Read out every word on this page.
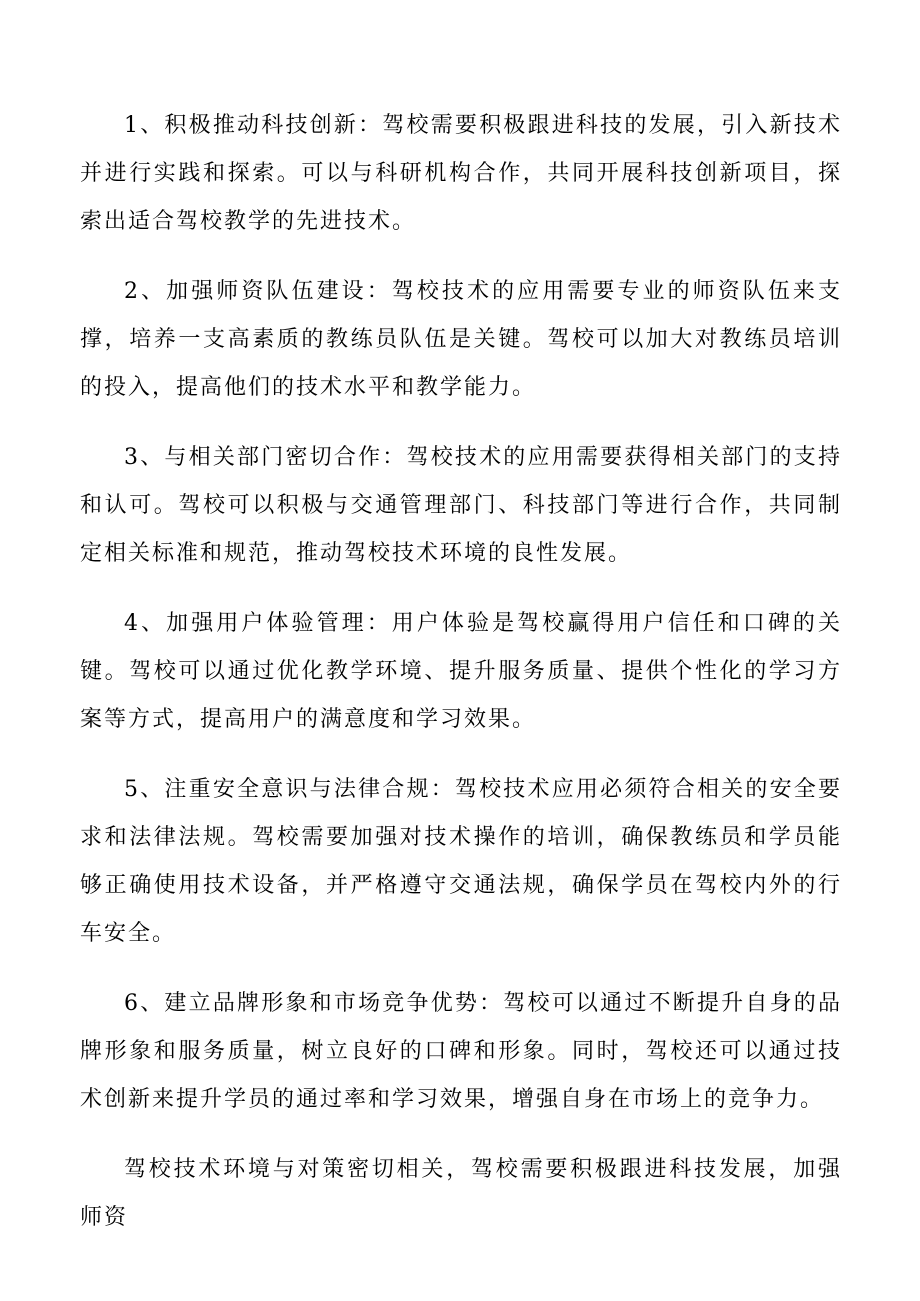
1、积极推动科技创新：驾校需要积极跟进科技的发展，引入新技术并进行实践和探索。可以与科研机构合作，共同开展科技创新项目，探索出适合驾校教学的先进技术。

2、加强师资队伍建设：驾校技术的应用需要专业的师资队伍来支撑，培养一支高素质的教练员队伍是关键。驾校可以加大对教练员培训的投入，提高他们的技术水平和教学能力。

3、与相关部门密切合作：驾校技术的应用需要获得相关部门的支持和认可。驾校可以积极与交通管理部门、科技部门等进行合作，共同制定相关标准和规范，推动驾校技术环境的良性发展。

4、加强用户体验管理：用户体验是驾校赢得用户信任和口碑的关键。驾校可以通过优化教学环境、提升服务质量、提供个性化的学习方案等方式，提高用户的满意度和学习效果。

5、注重安全意识与法律合规：驾校技术应用必须符合相关的安全要求和法律法规。驾校需要加强对技术操作的培训，确保教练员和学员能够正确使用技术设备，并严格遵守交通法规，确保学员在驾校内外的行车安全。

6、建立品牌形象和市场竞争优势：驾校可以通过不断提升自身的品牌形象和服务质量，树立良好的口碑和形象。同时，驾校还可以通过技术创新来提升学员的通过率和学习效果，增强自身在市场上的竞争力。

驾校技术环境与对策密切相关，驾校需要积极跟进科技发展，加强师资
